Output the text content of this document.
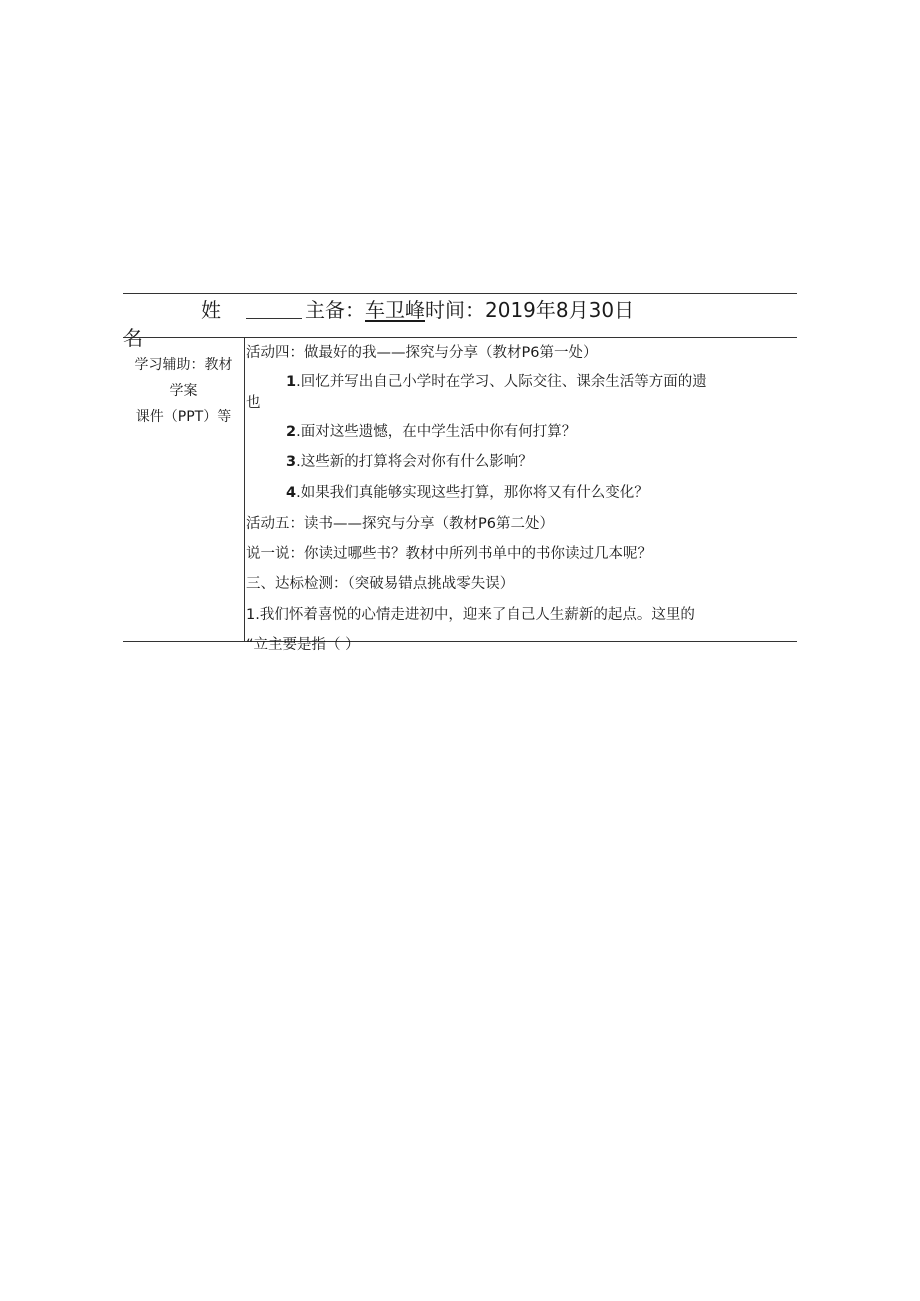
姓
名
主备：车卫峰时间：2019年8月30日
学习辅助：教材
学案
课件（PPT）等
活动四：做最好的我——探究与分享（教材P6第一处）
1.回忆并写出自己小学时在学习、人际交往、课余生活等方面的遗
也
2.面对这些遗憾，在中学生活中你有何打算？
3.这些新的打算将会对你有什么影响？
4.如果我们真能够实现这些打算，那你将又有什么变化？
活动五：读书——探究与分享（教材P6第二处）
说一说：你读过哪些书？教材中所列书单中的书你读过几本呢？
三、达标检测：（突破易错点挑战零失误）
1.我们怀着喜悦的心情走进初中，迎来了自己人生薪新的起点。这里的
“立主要是指（ ）
